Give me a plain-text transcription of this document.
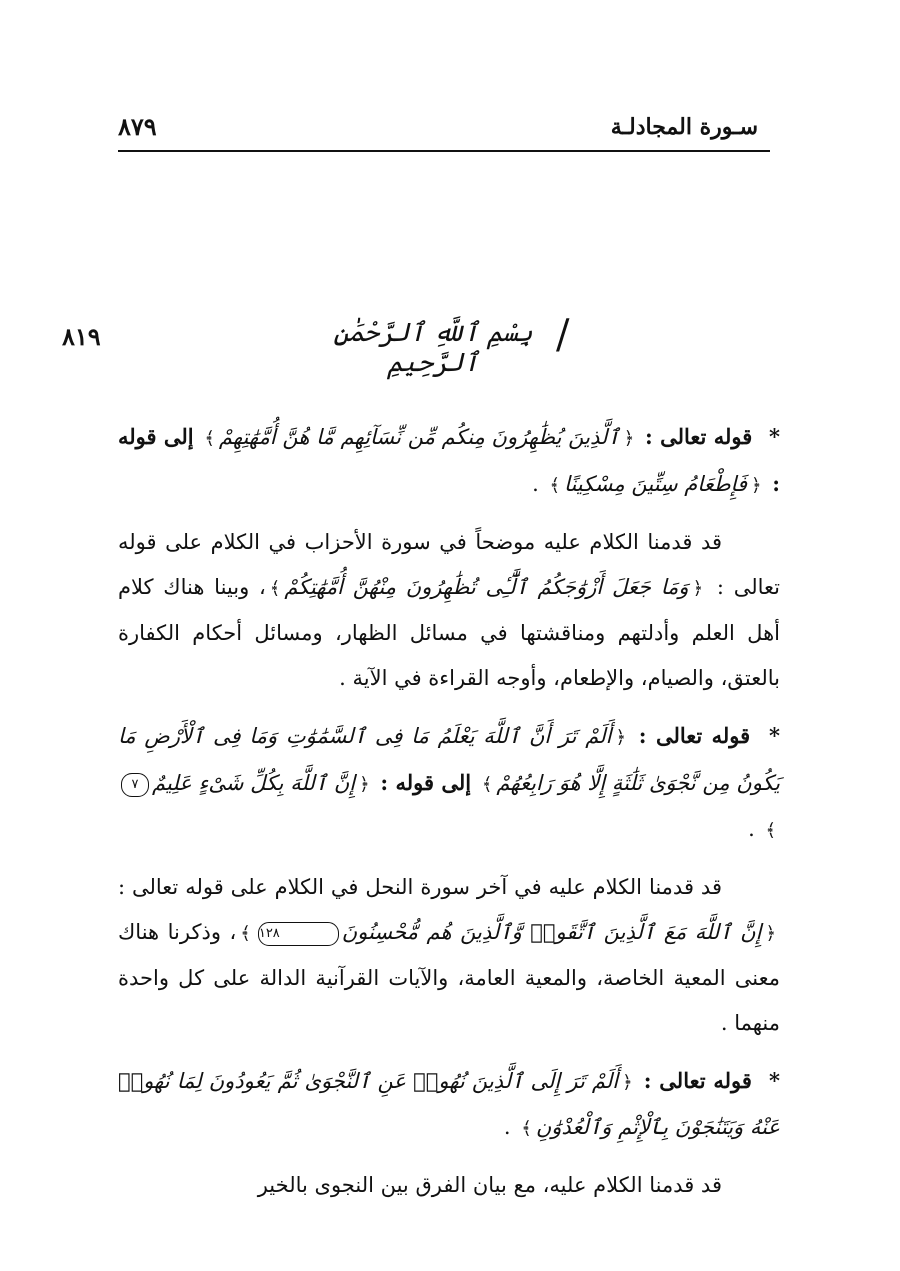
سـورة المجادلـة
٨٧٩
٨١٩	بِسْمِ ٱللَّهِ ٱلرَّحْمَٰنِ ٱلرَّحِيمِ
/

* قوله تعالى : ﴿ٱلَّذِينَ يُظَٰهِرُونَ مِنكُم مِّن نِّسَآئِهِم مَّا هُنَّ أُمَّهَٰتِهِمْ﴾ إلى قوله : ﴿فَإِطْعَامُ سِتِّينَ مِسْكِينًا﴾ .

قد قدمنا الكلام عليه موضحاً في سورة الأحزاب في الكلام على قوله تعالى : ﴿وَمَا جَعَلَ أَزْوَٰجَكُمُ ٱلَّٰٓـِٔى تُظَٰهِرُونَ مِنْهُنَّ أُمَّهَٰتِكُمْ﴾، وبينا هناك كلام أهل العلم وأدلتهم ومناقشتها في مسائل الظهار، ومسائل أحكام الكفارة بالعتق، والصيام، والإطعام، وأوجه القراءة في الآية .

* قوله تعالى : ﴿أَلَمْ تَرَ أَنَّ ٱللَّهَ يَعْلَمُ مَا فِى ٱلسَّمَٰوَٰتِ وَمَا فِى ٱلْأَرْضِ مَا يَكُونُ مِن نَّجْوَىٰ ثَلَٰثَةٍ إِلَّا هُوَ رَابِعُهُمْ﴾ إلى قوله : ﴿إِنَّ ٱللَّهَ بِكُلِّ شَىْءٍ عَلِيمٌ٧﴾ .

قد قدمنا الكلام عليه في آخر سورة النحل في الكلام على قوله تعالى : ﴿إِنَّ ٱللَّهَ مَعَ ٱلَّذِينَ ٱتَّقَوا۟ وَّٱلَّذِينَ هُم مُّحْسِنُونَ١٢٨﴾، وذكرنا هناك معنى المعية الخاصة، والمعية العامة، والآيات القرآنية الدالة على كل واحدة منهما .

* قوله تعالى : ﴿أَلَمْ تَرَ إِلَى ٱلَّذِينَ نُهُوا۟ عَنِ ٱلنَّجْوَىٰ ثُمَّ يَعُودُونَ لِمَا نُهُوا۟ عَنْهُ وَيَتَنَٰجَوْنَ بِٱلْإِثْمِ وَٱلْعُدْوَٰنِ﴾ .

قد قدمنا الكلام عليه، مع بيان الفرق بين النجوى بالخير
